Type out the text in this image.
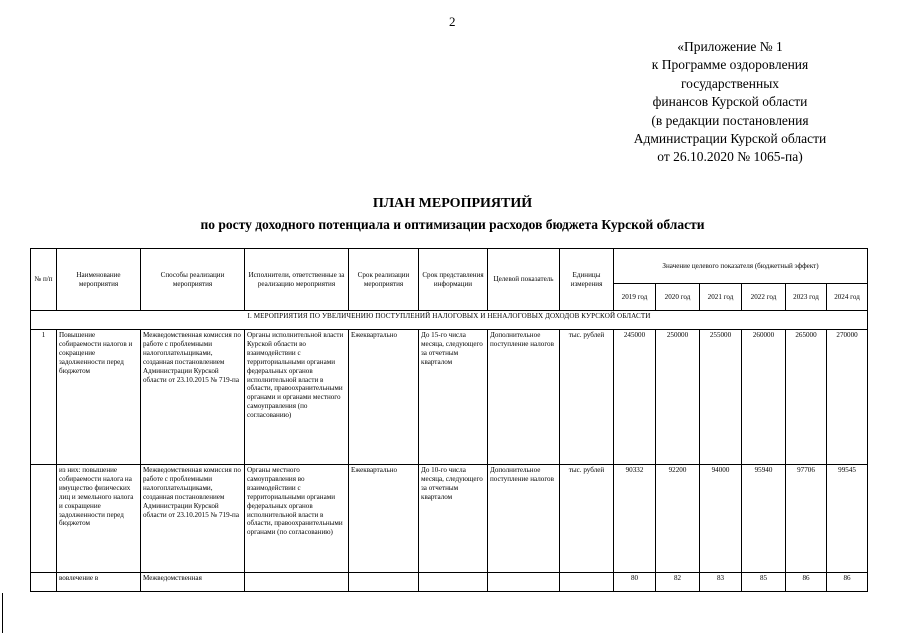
2
«Приложение № 1
к Программе оздоровления
государственных
финансов Курской области
(в редакции постановления
Администрации Курской области
от 26.10.2020 № 1065-па)
ПЛАН МЕРОПРИЯТИЙ
по росту доходного потенциала и оптимизации расходов бюджета Курской области
№ п/п	Наименование мероприятия	Способы реализации мероприятия	Исполнители, ответственные за реализацию мероприятия	Срок реализации мероприятия	Срок представления информации	Целевой показатель	Единицы измерения	Значение целевого показателя (бюджетный эффект)					
								2019 год	2020 год	2021 год	2022 год	2023 год	2024 год
I. МЕРОПРИЯТИЯ ПО УВЕЛИЧЕНИЮ ПОСТУПЛЕНИЙ НАЛОГОВЫХ И НЕНАЛОГОВЫХ ДОХОДОВ КУРСКОЙ ОБЛАСТИ													
1	Повышение собираемости налогов и сокращение задолженности перед бюджетом	Межведомственная комиссия по работе с проблемными налогоплательщиками, созданная постановлением Администрации Курской области от 23.10.2015 № 719-па	Органы исполнительной власти Курской области во взаимодействии с территориальными органами федеральных органов исполнительной власти в области, правоохранительными органами и органами местного самоуправления (по согласованию)	Ежеквартально	До 15-го числа месяца, следующего за отчетным кварталом	Дополнительное поступление налогов	тыс. рублей	245000	250000	255000	260000	265000	270000
	из них: повышение собираемости налога на имущество физических лиц и земельного налога и сокращение задолженности перед бюджетом	Межведомственная комиссия по работе с проблемными налогоплательщиками, созданная постановлением Администрации Курской области от 23.10.2015 № 719-па	Органы местного самоуправления во взаимодействии с территориальными органами федеральных органов исполнительной власти в области, правоохранительными органами (по согласованию)	Ежеквартально	До 10-го числа месяца, следующего за отчетным кварталом	Дополнительное поступление налогов	тыс. рублей	90332	92200	94000	95940	97706	99545
	вовлечение в	Межведомственная						80	82	83	85	86	86
